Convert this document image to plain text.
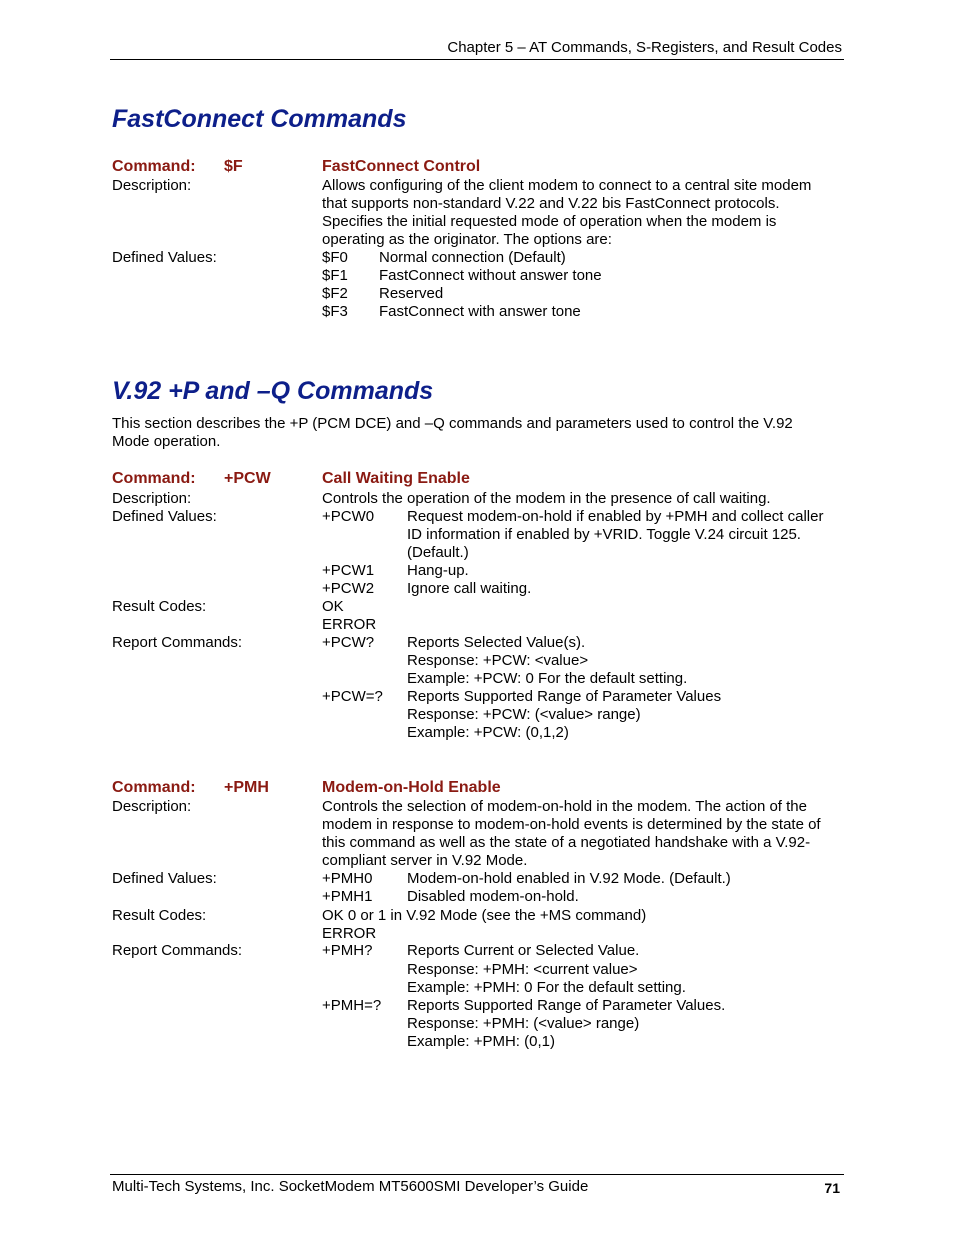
Chapter 5 – AT Commands, S-Registers, and Result Codes
FastConnect Commands
Command: $F	FastConnect Control
Description:	Allows configuring of the client modem to connect to a central site modem
that supports non-standard V.22 and V.22 bis FastConnect protocols.
Specifies the initial requested mode of operation when the modem is
operating as the originator. The options are:
Defined Values:	$F0 Normal connection (Default)
$F1 FastConnect without answer tone
$F2 Reserved
$F3 FastConnect with answer tone
V.92 +P and –Q Commands
This section describes the +P (PCM DCE) and –Q commands and parameters used to control the V.92
Mode operation.
Command: +PCW	Call Waiting Enable
Description:	Controls the operation of the modem in the presence of call waiting.
Defined Values:	+PCW0 Request modem-on-hold if enabled by +PMH and collect caller
ID information if enabled by +VRID. Toggle V.24 circuit 125.
(Default.)
+PCW1 Hang-up.
+PCW2 Ignore call waiting.
Result Codes:	OK
ERROR
Report Commands:	+PCW? Reports Selected Value(s).
Response: +PCW: <value>
Example: +PCW: 0 For the default setting.
+PCW=? Reports Supported Range of Parameter Values
Response: +PCW: (<value> range)
Example: +PCW: (0,1,2)
Command: +PMH	Modem-on-Hold Enable
Description:	Controls the selection of modem-on-hold in the modem. The action of the
modem in response to modem-on-hold events is determined by the state of
this command as well as the state of a negotiated handshake with a V.92-
compliant server in V.92 Mode.
Defined Values:	+PMH0 Modem-on-hold enabled in V.92 Mode. (Default.)
+PMH1 Disabled modem-on-hold.
Result Codes:	OK 0 or 1 in V.92 Mode (see the +MS command)
ERROR
Report Commands:	+PMH? Reports Current or Selected Value.
Response: +PMH: <current value>
Example: +PMH: 0 For the default setting.
+PMH=? Reports Supported Range of Parameter Values.
Response: +PMH: (<value> range)
Example: +PMH: (0,1)
Multi-Tech Systems, Inc. SocketModem MT5600SMI Developer’s Guide	71
